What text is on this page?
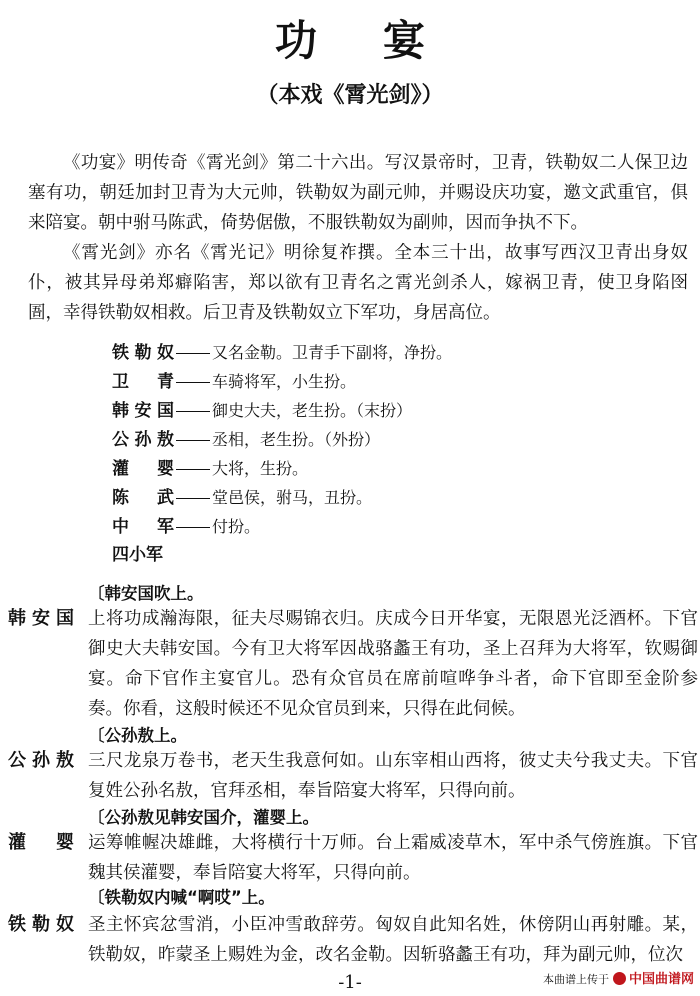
功宴
（本戏《霄光剑》）
《功宴》明传奇《霄光剑》第二十六出。写汉景帝时，卫青，铁勒奴二人保卫边塞有功，朝廷加封卫青为大元帅，铁勒奴为副元帅，并赐设庆功宴，邀文武重官，俱来陪宴。朝中驸马陈武，倚势倨傲，不服铁勒奴为副帅，因而争执不下。
《霄光剑》亦名《霄光记》明徐复祚撰。全本三十出，故事写西汉卫青出身奴仆，被其异母弟郑癖陷害，郑以欲有卫青名之霄光剑杀人，嫁祸卫青，使卫身陷囹圄，幸得铁勒奴相救。后卫青及铁勒奴立下军功，身居高位。
铁勒奴 又名金勒。卫青手下副将，净扮。
卫青 车骑将军，小生扮。
韩安国 御史大夫，老生扮。（末扮）
公孙敖 丞相，老生扮。（外扮）
灌婴 大将，生扮。
陈武 堂邑侯，驸马，丑扮。
中军 付扮。
四小军
〔韩安国吹上。
韩安国 上将功成瀚海限，征夫尽赐锦衣归。庆成今日开华宴，无限恩光泛酒杯。下官御史大夫韩安国。今有卫大将军因战骆蠡王有功，圣上召拜为大将军，钦赐御宴。命下官作主宴官儿。恐有众官员在席前喧哗争斗者，命下官即至金阶参奏。你看，这般时候还不见众官员到来，只得在此伺候。
〔公孙敖上。
公孙敖 三尺龙泉万卷书，老天生我意何如。山东宰相山西将，彼丈夫兮我丈夫。下官复姓公孙名敖，官拜丞相，奉旨陪宴大将军，只得向前。
〔公孙敖见韩安国介，灌婴上。
灌婴 运筹帷幄决雄雌，大将横行十万师。台上霜威凌草木，军中杀气傍旌旗。下官魏其侯灌婴，奉旨陪宴大将军，只得向前。
〔铁勒奴内喊“啊哎”上。
铁勒奴 圣主怀宾忿雪消，小臣冲雪敢辞劳。匈奴自此知名姓，休傍阴山再射雕。某，铁勒奴，昨蒙圣上赐姓为金，改名金勒。因斩骆蠡王有功，拜为副元帅，位次
-1-	本曲谱上传于 中国曲谱网
